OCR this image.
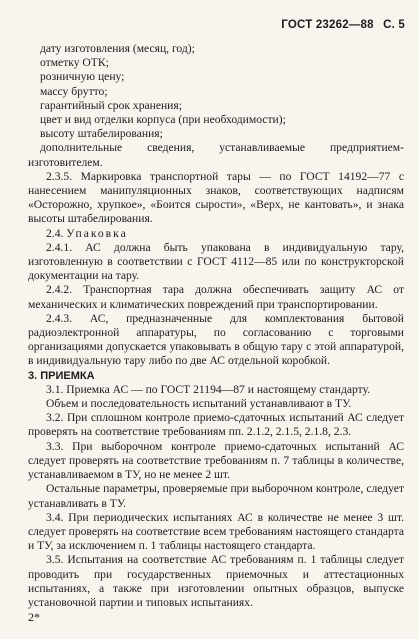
ГОСТ 23262—88 С. 5

дату изготовления (месяц, год);

отметку ОТК;

розничную цену;

массу брутто;

гарантийный срок хранения;

цвет и вид отделки корпуса (при необходимости);

высоту штабелирования;

дополнительные сведения, устанавливаемые предприятием-изготовителем.

2.3.5. Маркировка транспортной тары — по ГОСТ 14192—77 с нанесением манипуляционных знаков, соответствующих надписям «Осторожно, хрупкое», «Боится сырости», «Верх, не кантовать», и знака высоты штабелирования.

2.4. Упаковка

2.4.1. АС должна быть упакована в индивидуальную тару, изготовленную в соответствии с ГОСТ 4112—85 или по конструкторской документации на тару.

2.4.2. Транспортная тара должна обеспечивать защиту АС от механических и климатических повреждений при транспортировании.

2.4.3. АС, предназначенные для комплектования бытовой радиоэлектронной аппаратуры, по согласованию с торговыми организациями допускается упаковывать в общую тару с этой аппаратурой, в индивидуальную тару либо по две АС отдельной коробкой.

3. ПРИЕМКА

3.1. Приемка АС — по ГОСТ 21194—87 и настоящему стандарту.

Объем и последовательность испытаний устанавливают в ТУ.

3.2. При сплошном контроле приемо-сдаточных испытаний АС следует проверять на соответствие требованиям пп. 2.1.2, 2.1.5, 2.1.8, 2.3.

3.3. При выборочном контроле приемо-сдаточных испытаний АС следует проверять на соответствие требованиям п. 7 таблицы в количестве, устанавливаемом в ТУ, но не менее 2 шт.

Остальные параметры, проверяемые при выборочном контроле, следует устанавливать в ТУ.

3.4. При периодических испытаниях АС в количестве не менее 3 шт. следует проверять на соответствие всем требованиям настоящего стандарта и ТУ, за исключением п. 1 таблицы настоящего стандарта.

3.5. Испытания на соответствие АС требованиям п. 1 таблицы следует проводить при государственных приемочных и аттестационных испытаниях, а также при изготовлении опытных образцов, выпуске установочной партии и типовых испытаниях.

2*
